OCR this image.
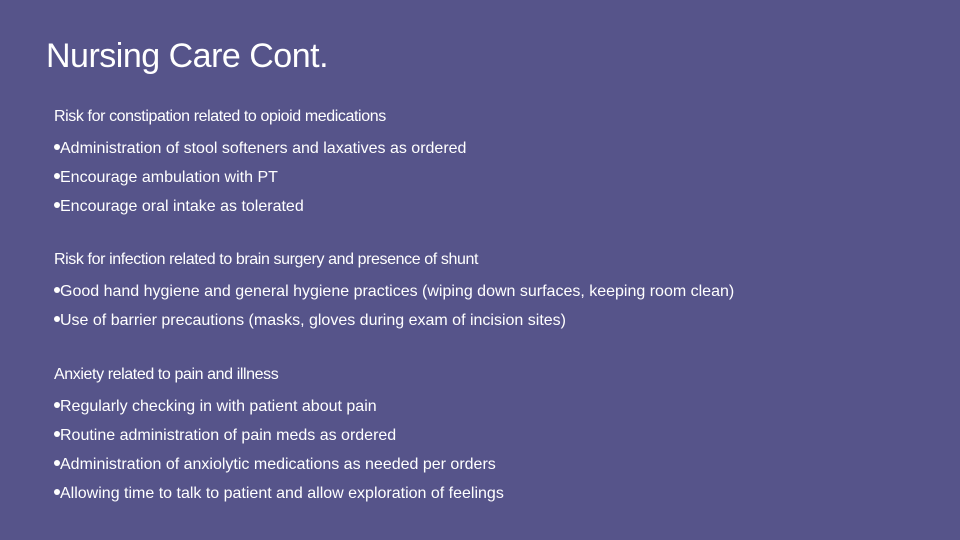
Nursing Care Cont.

Risk for constipation related to opioid medications

Administration of stool softeners and laxatives as ordered
Encourage ambulation with PT
Encourage oral intake as tolerated

Risk for infection related to brain surgery and presence of shunt

Good hand hygiene and general hygiene practices (wiping down surfaces, keeping room clean)
Use of barrier precautions (masks, gloves during exam of incision sites)

Anxiety related to pain and illness

Regularly checking in with patient about pain
Routine administration of pain meds as ordered
Administration of anxiolytic medications as needed per orders
Allowing time to talk to patient and allow exploration of feelings
